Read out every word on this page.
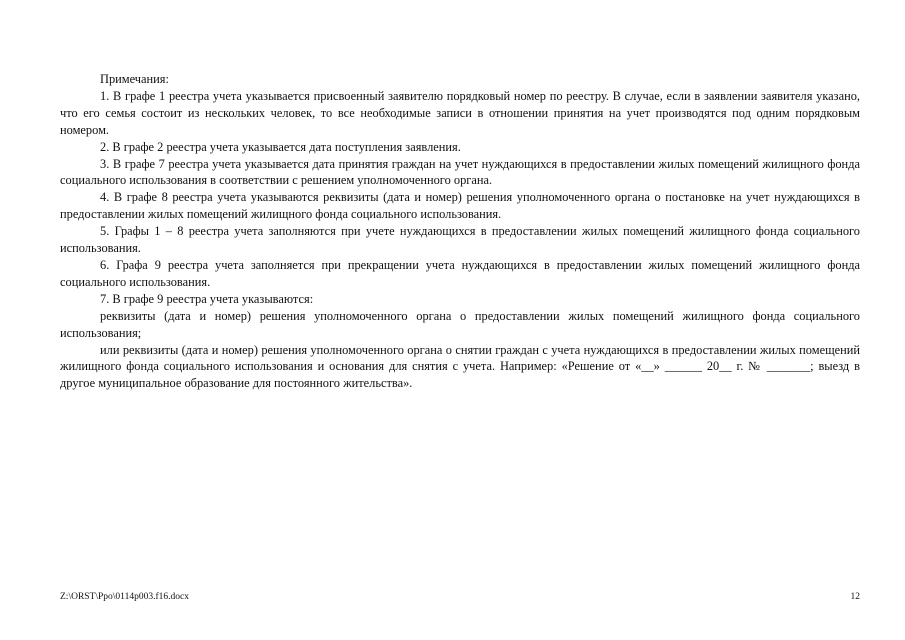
Примечания:

1. В графе 1 реестра учета указывается присвоенный заявителю порядковый номер по реестру. В случае, если в заявлении заявителя указано, что его семья состоит из нескольких человек, то все необходимые записи в отношении принятия на учет производятся под одним порядковым номером.

2. В графе 2 реестра учета указывается дата поступления заявления.

3. В графе 7 реестра учета указывается дата принятия граждан на учет нуждающихся в предоставлении жилых помещений жилищного фонда социального использования в соответствии с решением уполномоченного органа.

4. В графе 8 реестра учета указываются реквизиты (дата и номер) решения уполномоченного органа о постановке на учет нуждающихся в предоставлении жилых помещений жилищного фонда социального использования.

5. Графы 1 – 8 реестра учета заполняются при учете нуждающихся в предоставлении жилых помещений жилищного фонда социального использования.

6. Графа 9 реестра учета заполняется при прекращении учета нуждающихся в предоставлении жилых помещений жилищного фонда социального использования.

7. В графе 9 реестра учета указываются:

реквизиты (дата и номер) решения уполномоченного органа о предоставлении жилых помещений жилищного фонда социального использования;

или реквизиты (дата и номер) решения уполномоченного органа о снятии граждан с учета нуждающихся в предоставлении жилых помещений жилищного фонда социального использования и основания для снятия с учета. Например: «Решение от «__» ______ 20__ г. № _______; выезд в другое муниципальное образование для постоянного жительства».

Z:\ORST\Ppo\0114p003.f16.docx	12
